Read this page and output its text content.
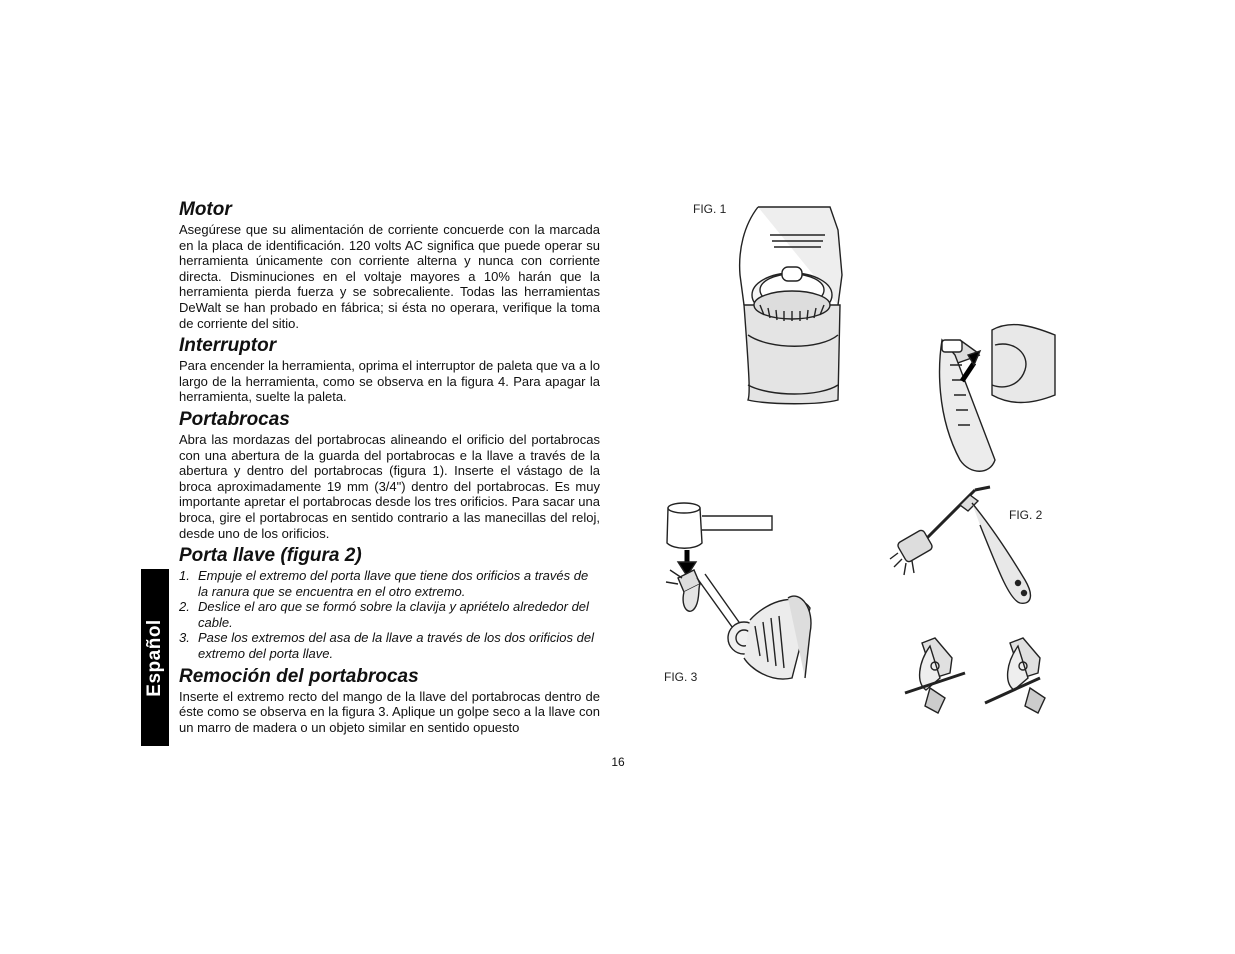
Motor

Asegúrese que su alimentación de corriente concuerde con la marcada en la placa de identificación. 120 volts AC significa que puede operar su herramienta únicamente con corriente alterna y nunca con corriente directa. Disminuciones en el voltaje mayores a 10% harán que la herramienta pierda fuerza y se sobrecaliente. Todas las herramientas DeWalt se han probado en fábrica; si ésta no operara, verifique la toma de corriente del sitio.

Interruptor

Para encender la herramienta, oprima el interruptor de paleta que va a lo largo de la herramienta, como se observa en la figura 4. Para apagar la herramienta, suelte la paleta.

Portabrocas

Abra las mordazas del portabrocas alineando el orificio del portabrocas con una abertura de la guarda del portabrocas e la llave a través de la abertura y dentro del portabrocas (figura 1). Inserte el vástago de la broca aproximadamente 19 mm (3/4") dentro del portabrocas. Es muy importante apretar el portabrocas desde los tres orificios. Para sacar una broca, gire el portabrocas en sentido contrario a las manecillas del reloj, desde uno de los orificios.

Porta llave (figura 2)
1. Empuje el extremo del porta llave que tiene dos orificios a través de la ranura que se encuentra en el otro extremo.
2. Deslice el aro que se formó sobre la clavija y apriételo alrededor del cable.
3. Pase los extremos del asa de la llave a través de los dos orificios del extremo del porta llave.
Remoción del portabrocas

Inserte el extremo recto del mango de la llave del portabrocas dentro de éste como se observa en la figura 3. Aplique un golpe seco a la llave con un marro de madera o un objeto similar en sentido opuesto

Español
FIG. 1
FIG. 2
FIG. 3
16
